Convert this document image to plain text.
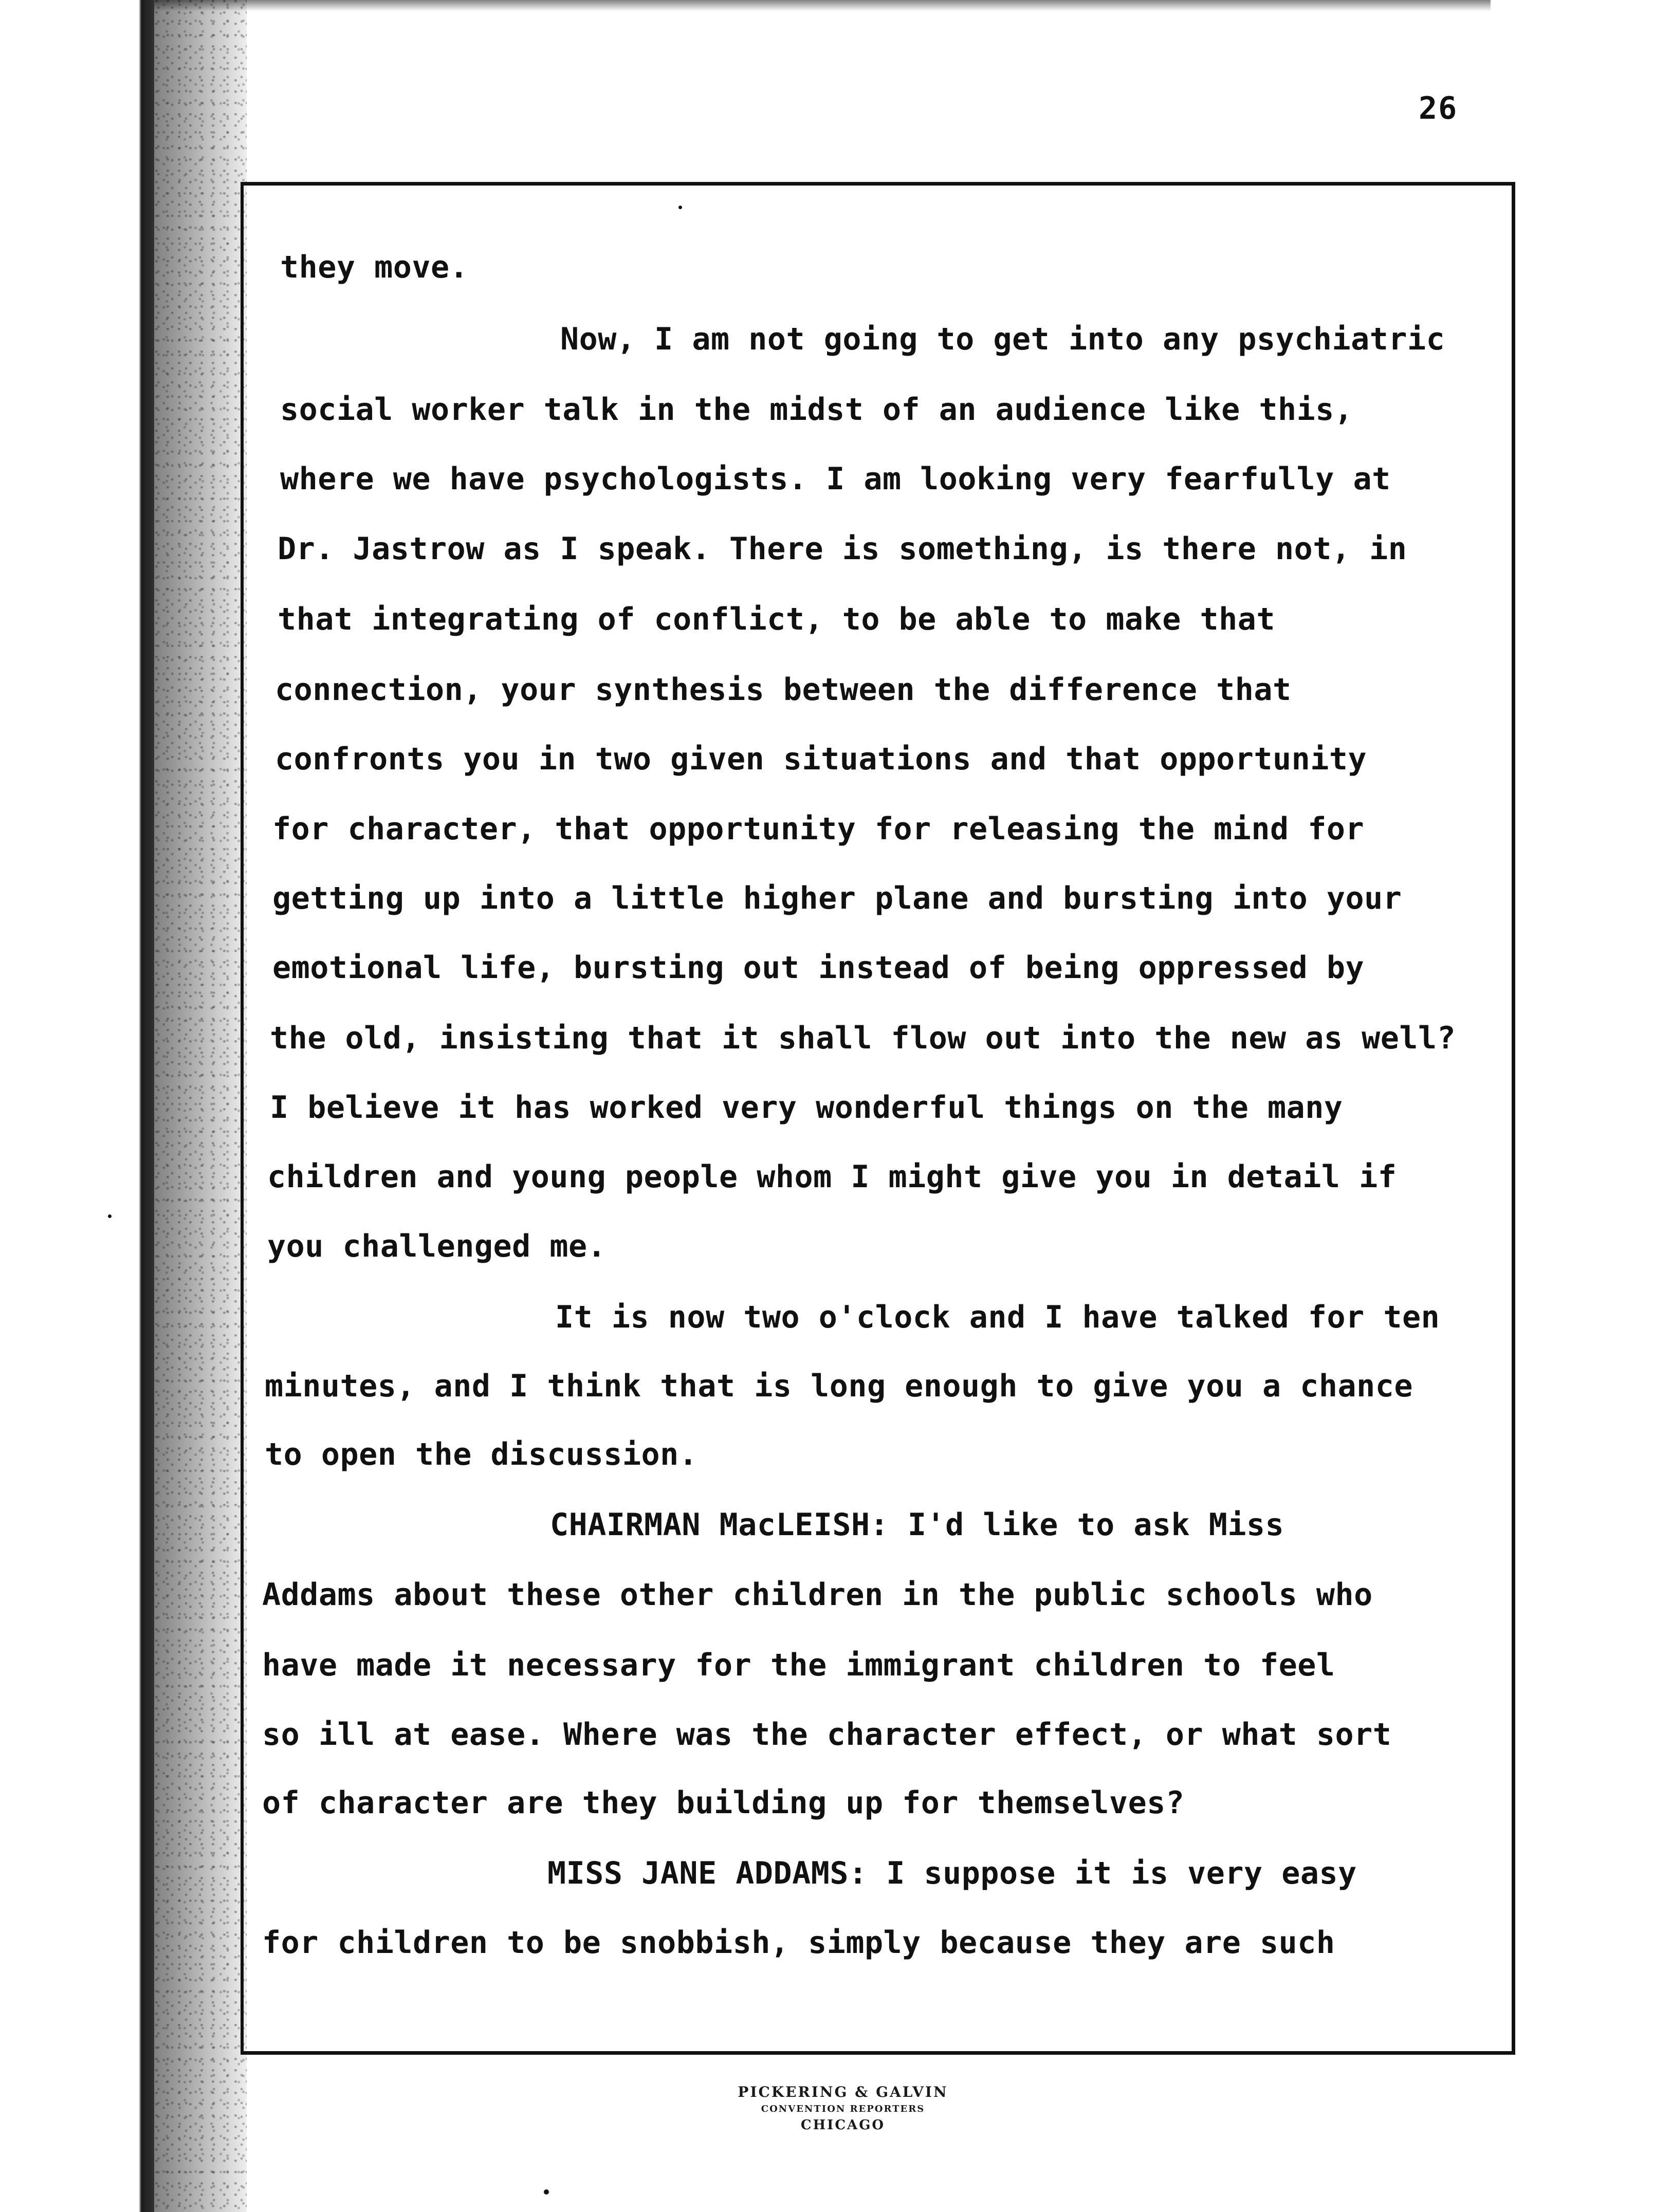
26
they move.
Now, I am not going to get into any psychiatric
social worker talk in the midst of an audience like this,
where we have psychologists. I am looking very fearfully at
Dr. Jastrow as I speak. There is something, is there not, in
that integrating of conflict, to be able to make that
connection, your synthesis between the difference that
confronts you in two given situations and that opportunity
for character, that opportunity for releasing the mind for
getting up into a little higher plane and bursting into your
emotional life, bursting out instead of being oppressed by
the old, insisting that it shall flow out into the new as well?
I believe it has worked very wonderful things on the many
children and young people whom I might give you in detail if
you challenged me.
It is now two o'clock and I have talked for ten
minutes, and I think that is long enough to give you a chance
to open the discussion.
CHAIRMAN MacLEISH: I'd like to ask Miss
Addams about these other children in the public schools who
have made it necessary for the immigrant children to feel
so ill at ease. Where was the character effect, or what sort
of character are they building up for themselves?
MISS JANE ADDAMS: I suppose it is very easy
for children to be snobbish, simply because they are such
PICKERING & GALVIN
CONVENTION REPORTERS
CHICAGO
